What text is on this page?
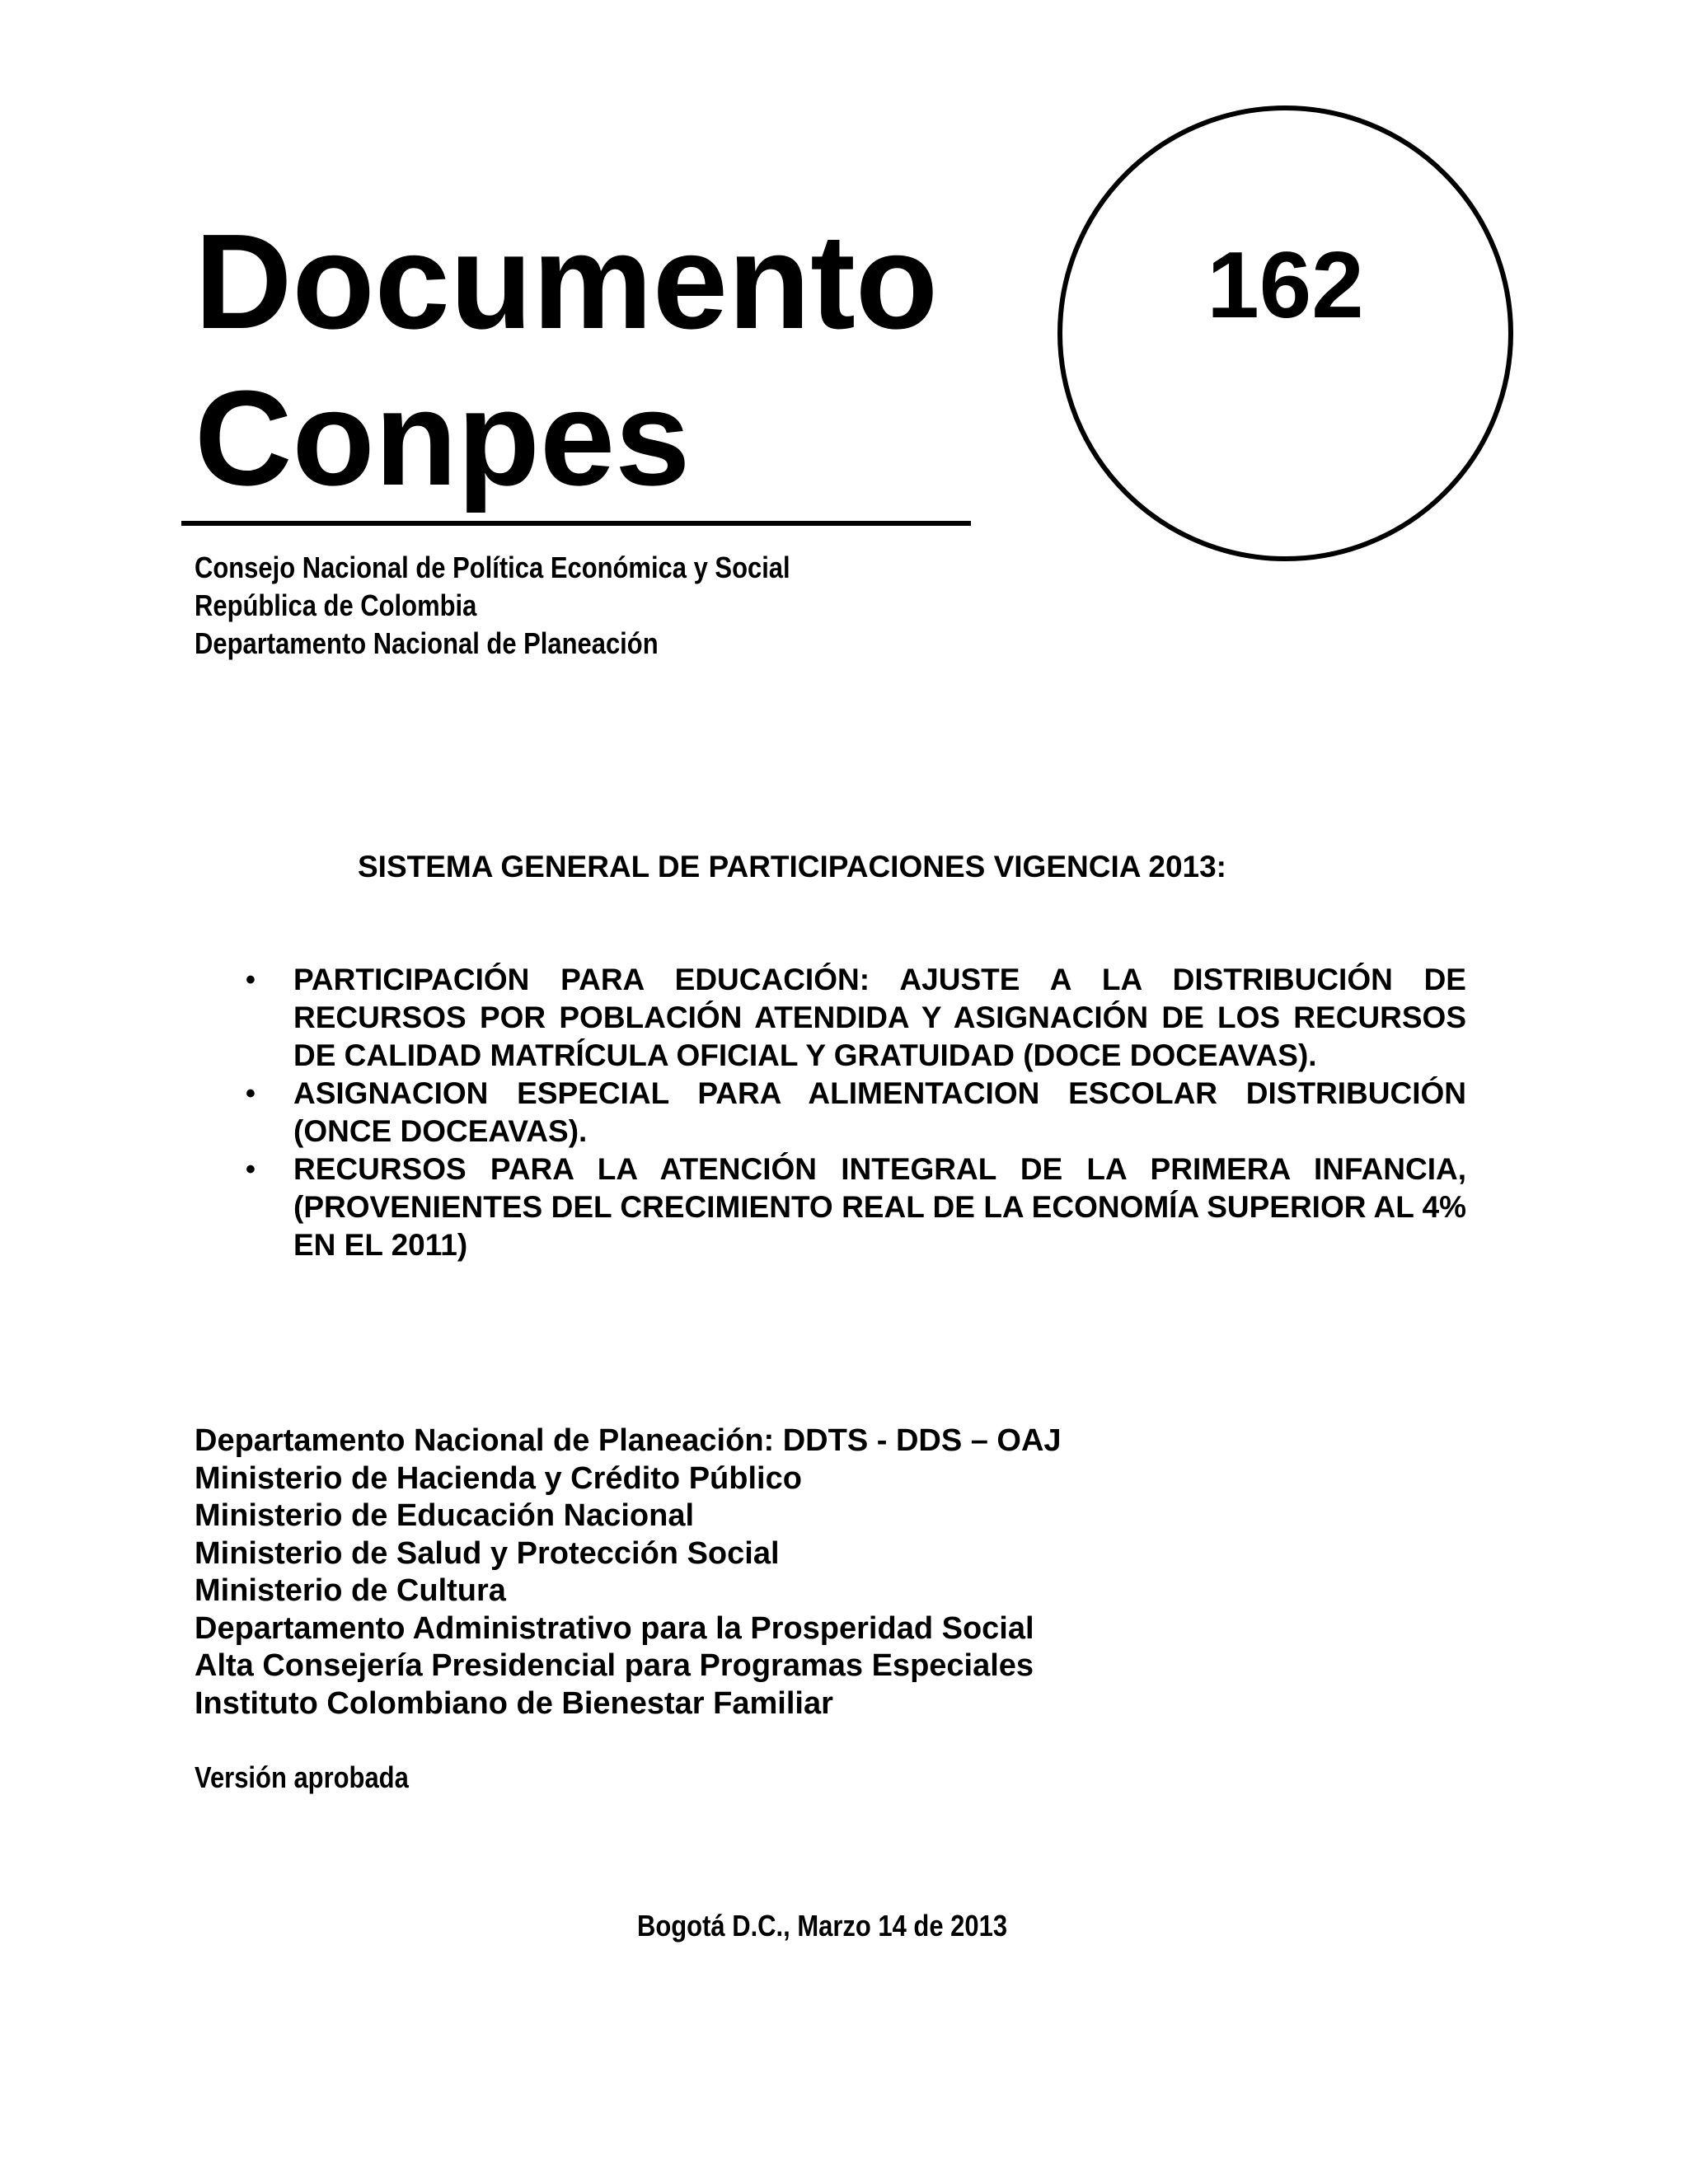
Documento
Conpes
162
Consejo Nacional de Política Económica y Social
República de Colombia
Departamento Nacional de Planeación
SISTEMA GENERAL DE PARTICIPACIONES VIGENCIA 2013:
• PARTICIPACIÓN PARA EDUCACIÓN: AJUSTE A LA DISTRIBUCIÓN DE RECURSOS POR POBLACIÓN ATENDIDA Y ASIGNACIÓN DE LOS RECURSOS DE CALIDAD MATRÍCULA OFICIAL Y GRATUIDAD (DOCE DOCEAVAS).
• ASIGNACION ESPECIAL PARA ALIMENTACION ESCOLAR DISTRIBUCIÓN (ONCE DOCEAVAS).
• RECURSOS PARA LA ATENCIÓN INTEGRAL DE LA PRIMERA INFANCIA, (PROVENIENTES DEL CRECIMIENTO REAL DE LA ECONOMÍA SUPERIOR AL 4% EN EL 2011)
Departamento Nacional de Planeación: DDTS - DDS – OAJ
Ministerio de Hacienda y Crédito Público
Ministerio de Educación Nacional
Ministerio de Salud y Protección Social
Ministerio de Cultura
Departamento Administrativo para la Prosperidad Social
Alta Consejería Presidencial para Programas Especiales
Instituto Colombiano de Bienestar Familiar
Versión aprobada
Bogotá D.C., Marzo 14 de 2013
